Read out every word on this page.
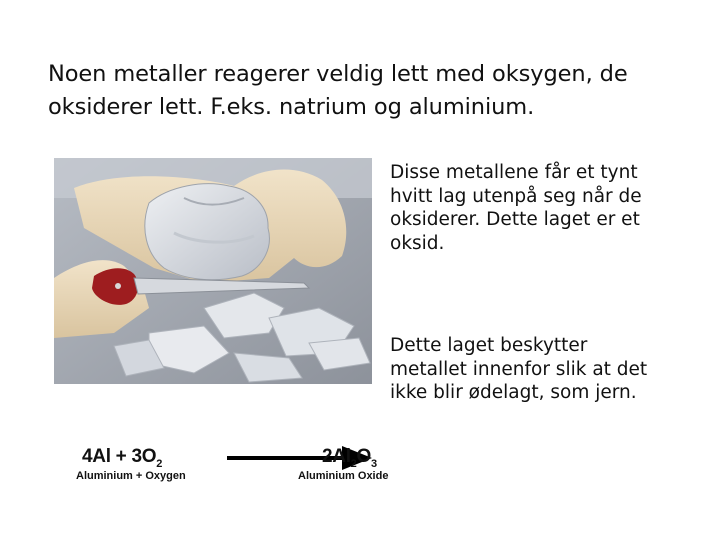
Noen metaller reagerer veldig lett med oksygen, de
oksiderer lett. F.eks. natrium og aluminium.
Disse metallene får et tynt
hvitt lag utenpå seg når de
oksiderer. Dette laget er et
oksid.
Dette laget beskytter
metallet innenfor slik at det
ikke blir ødelagt, som jern.
$4Al + 3O_2$
Aluminium + Oxygen
$2Al_2O_3$
Aluminium Oxide
